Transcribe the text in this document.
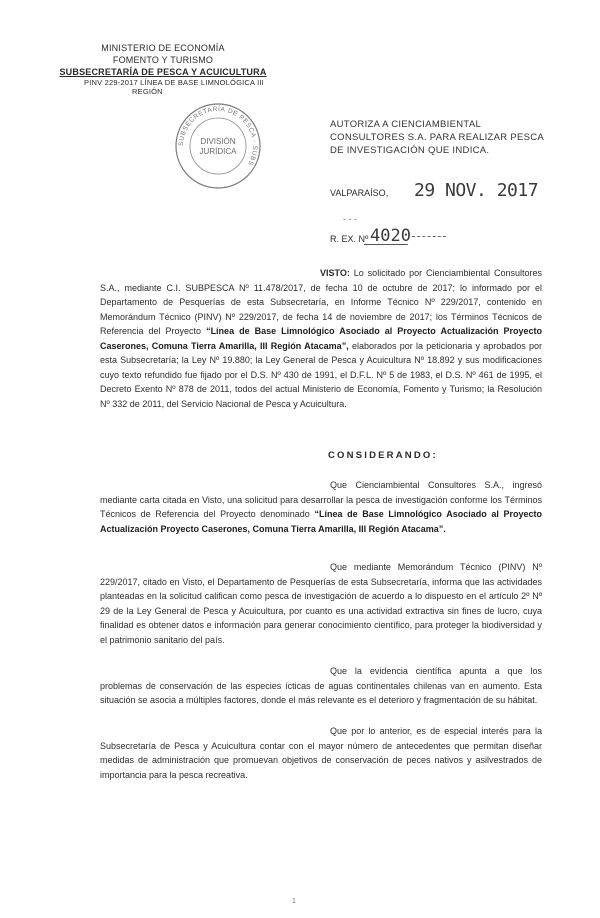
MINISTERIO DE ECONOMÍA
FOMENTO Y TURISMO
SUBSECRETARÍA DE PESCA Y ACUICULTURA
PINV 229-2017 LÍNEA DE BASE LIMNOLÓGICA III
REGIÓN
SUBSECRETARÍA DE PESCA · SUBS
DIVISIÓN
JURÍDICA
AUTORIZA A CIENCIAMBIENTAL CONSULTORES S.A. PARA REALIZAR PESCA DE INVESTIGACIÓN QUE INDICA.
VALPARAÍSO, 29 NOV. 2017
- - -
R. EX. Nº 4020
VISTO: Lo solicitado por Cienciambiental Consultores S.A., mediante C.I. SUBPESCA Nº 11.478/2017, de fecha 10 de octubre de 2017; lo informado por el Departamento de Pesquerías de esta Subsecretaría, en Informe Técnico Nº 229/2017, contenido en Memorándum Técnico (PINV) Nº 229/2017, de fecha 14 de noviembre de 2017; los Términos Técnicos de Referencia del Proyecto “Línea de Base Limnológico Asociado al Proyecto Actualización Proyecto Caserones, Comuna Tierra Amarilla, III Región Atacama”, elaborados por la peticionaria y aprobados por esta Subsecretaría; la Ley Nº 19.880; la Ley General de Pesca y Acuicultura Nº 18.892 y sus modificaciones cuyo texto refundido fue fijado por el D.S. Nº 430 de 1991, el D.F.L. Nº 5 de 1983, el D.S. Nº 461 de 1995, el Decreto Exento Nº 878 de 2011, todos del actual Ministerio de Economía, Fomento y Turismo; la Resolución Nº 332 de 2011, del Servicio Nacional de Pesca y Acuicultura.
CONSIDERANDO:
Que Cienciambiental Consultores S.A., ingresó mediante carta citada en Visto, una solicitud para desarrollar la pesca de investigación conforme los Términos Técnicos de Referencia del Proyecto denominado “Línea de Base Limnológico Asociado al Proyecto Actualización Proyecto Caserones, Comuna Tierra Amarilla, III Región Atacama”.
Que mediante Memorándum Técnico (PINV) Nº 229/2017, citado en Visto, el Departamento de Pesquerías de esta Subsecretaría, informa que las actividades planteadas en la solicitud califican como pesca de investigación de acuerdo a lo dispuesto en el artículo 2º Nº 29 de la Ley General de Pesca y Acuicultura, por cuanto es una actividad extractiva sin fines de lucro, cuya finalidad es obtener datos e información para generar conocimiento científico, para proteger la biodiversidad y el patrimonio sanitario del país.
Que la evidencia científica apunta a que los problemas de conservación de las especies ícticas de aguas continentales chilenas van en aumento. Esta situación se asocia a múltiples factores, donde el más relevante es el deterioro y fragmentación de su hábitat.
Que por lo anterior, es de especial interés para la Subsecretaría de Pesca y Acuicultura contar con el mayor número de antecedentes que permitan diseñar medidas de administración que promuevan objetivos de conservación de peces nativos y asilvestrados de importancia para la pesca recreativa.
1
